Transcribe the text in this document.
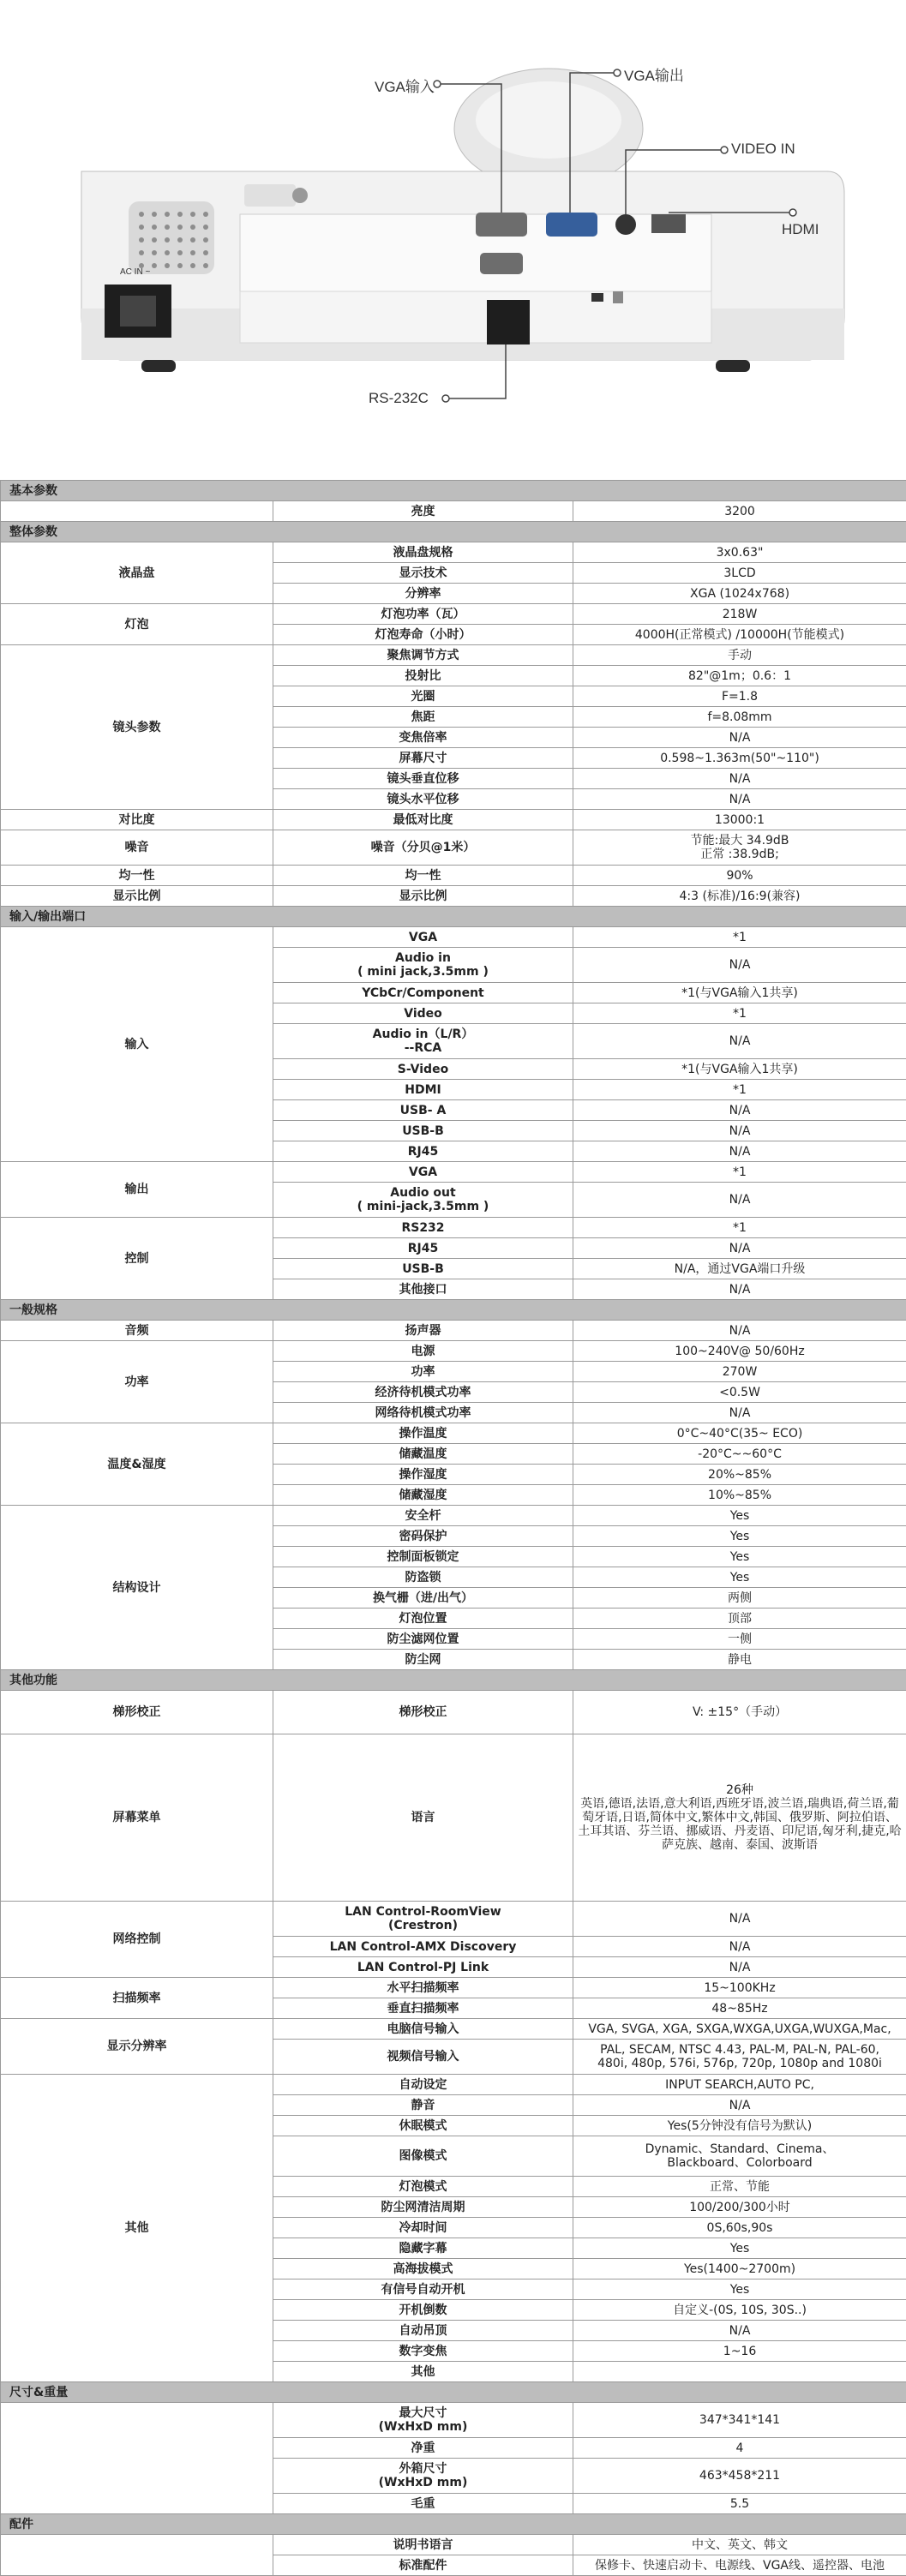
VGA输入
VGA输出
VIDEO IN
HDMI
RS-232C
AC IN ~
基本参数		
	亮度	3200
整体参数		
液晶盘	液晶盘规格	3x0.63"
	显示技术	3LCD
	分辨率	XGA (1024x768)
灯泡	灯泡功率（瓦）	218W
	灯泡寿命（小时）	4000H(正常模式) /10000H(节能模式)
镜头参数	聚焦调节方式	手动
	投射比	82"@1m；0.6：1
	光圈	F=1.8
	焦距	f=8.08mm
	变焦倍率	N/A
	屏幕尺寸	0.598~1.363m(50"~110")
	镜头垂直位移	N/A
	镜头水平位移	N/A
对比度	最低对比度	13000:1
噪音	噪音（分贝@1米）	节能:最大 34.9dB
正常 :38.9dB;
均一性	均一性	90%
显示比例	显示比例	4:3 (标准)/16:9(兼容)
输入/输出端口		
输入	VGA	*1
	Audio in
( mini jack,3.5mm )	N/A
	YCbCr/Component	*1(与VGA输入1共享)
	Video	*1
	Audio in（L/R）
--RCA	N/A
	S-Video	*1(与VGA输入1共享)
	HDMI	*1
	USB- A	N/A
	USB-B	N/A
	RJ45	N/A
输出	VGA	*1
	Audio out
( mini-jack,3.5mm )	N/A
控制	RS232	*1
	RJ45	N/A
	USB-B	N/A，通过VGA端口升级
	其他接口	N/A
一般规格		
音频	扬声器	N/A
功率	电源	100~240V@ 50/60Hz
	功率	270W
	经济待机模式功率	<0.5W
	网络待机模式功率	N/A
温度&湿度	操作温度	0°C~40°C(35~ ECO)
	储藏温度	-20°C~~60°C
	操作湿度	20%~85%
	储藏湿度	10%~85%
结构设计	安全杆	Yes
	密码保护	Yes
	控制面板锁定	Yes
	防盗锁	Yes
	换气栅（进/出气）	两侧
	灯泡位置	顶部
	防尘滤网位置	一侧
	防尘网	静电
其他功能		
梯形校正	梯形校正	V: ±15°（手动）
屏幕菜单	语言	26种
英语,德语,法语,意大利语,西班牙语,波兰语,瑞典语,荷兰语,葡萄牙语,日语,简体中文,繁体中文,韩国、俄罗斯、阿拉伯语、土耳其语、芬兰语、挪威语、丹麦语、印尼语,匈牙利,捷克,哈萨克族、越南、泰国、波斯语
网络控制	LAN Control-RoomView
(Crestron)	N/A
	LAN Control-AMX Discovery	N/A
	LAN Control-PJ Link	N/A
扫描频率	水平扫描频率	15~100KHz
	垂直扫描频率	48~85Hz
显示分辨率	电脑信号输入	VGA, SVGA, XGA, SXGA,WXGA,UXGA,WUXGA,Mac,
	视频信号输入	PAL, SECAM, NTSC 4.43, PAL-M, PAL-N, PAL-60,
480i, 480p, 576i, 576p, 720p, 1080p and 1080i
其他	自动设定	INPUT SEARCH,AUTO PC,
	静音	N/A
	休眠模式	Yes(5分钟没有信号为默认)
	图像模式	Dynamic、Standard、Cinema、
Blackboard、Colorboard
	灯泡模式	正常、节能
	防尘网清洁周期	100/200/300小时
	冷却时间	0S,60s,90s
	隐藏字幕	Yes
	高海拔模式	Yes(1400~2700m)
	有信号自动开机	Yes
	开机倒数	自定义-(0S, 10S, 30S..)
	自动吊顶	N/A
	数字变焦	1~16
	其他	
尺寸&重量		
	最大尺寸
(WxHxD mm)	347*341*141
	净重	4
	外箱尺寸
(WxHxD mm)	463*458*211
	毛重	5.5
配件		
	说明书语言	中文、英文、韩文
	标准配件	保修卡、快速启动卡、电源线、VGA线、遥控器、电池
